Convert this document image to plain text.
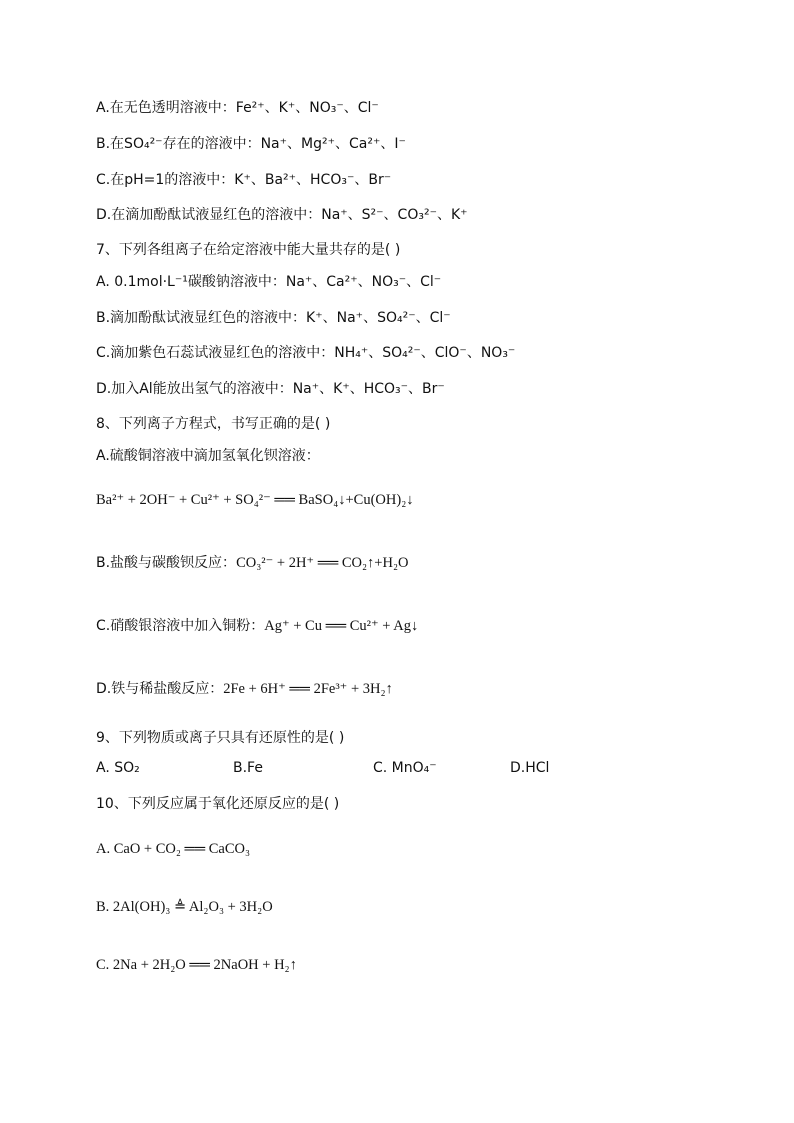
A.在无色透明溶液中：Fe²⁺、K⁺、NO₃⁻、Cl⁻
B.在SO₄²⁻存在的溶液中：Na⁺、Mg²⁺、Ca²⁺、I⁻
C.在pH=1的溶液中：K⁺、Ba²⁺、HCO₃⁻、Br⁻
D.在滴加酚酞试液显红色的溶液中：Na⁺、S²⁻、CO₃²⁻、K⁺
7、下列各组离子在给定溶液中能大量共存的是( )
A. 0.1mol·L⁻¹碳酸钠溶液中：Na⁺、Ca²⁺、NO₃⁻、Cl⁻
B.滴加酚酞试液显红色的溶液中：K⁺、Na⁺、SO₄²⁻、Cl⁻
C.滴加紫色石蕊试液显红色的溶液中：NH₄⁺、SO₄²⁻、ClO⁻、NO₃⁻
D.加入Al能放出氢气的溶液中：Na⁺、K⁺、HCO₃⁻、Br⁻
8、下列离子方程式，书写正确的是( )
A.硫酸铜溶液中滴加氢氧化钡溶液：
Ba²⁺ + 2OH⁻ + Cu²⁺ + SO₄²⁻ ══ BaSO₄↓+Cu(OH)₂↓
B.盐酸与碳酸钡反应：CO₃²⁻ + 2H⁺ ══ CO₂↑+H₂O
C.硝酸银溶液中加入铜粉：Ag⁺ + Cu ══ Cu²⁺ + Ag↓
D.铁与稀盐酸反应：2Fe + 6H⁺ ══ 2Fe³⁺ + 3H₂↑
9、下列物质或离子只具有还原性的是( )
A. SO₂	B.Fe	C. MnO₄⁻	D.HCl
10、下列反应属于氧化还原反应的是( )
A. CaO + CO₂ ══ CaCO₃
B. 2Al(OH)₃ ≜ Al₂O₃ + 3H₂O
C. 2Na + 2H₂O ══ 2NaOH + H₂↑
